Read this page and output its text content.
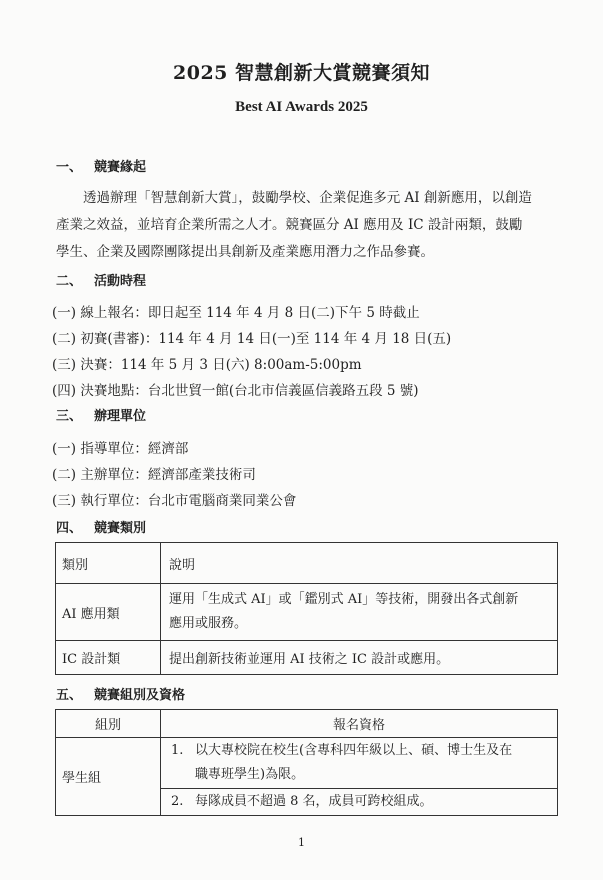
2025 智慧創新大賞競賽須知
Best AI Awards 2025
一、 競賽緣起
透過辦理「智慧創新大賞」，鼓勵學校、企業促進多元 AI 創新應用，以創造
產業之效益，並培育企業所需之人才。競賽區分 AI 應用及 IC 設計兩類，鼓勵
學生、企業及國際團隊提出具創新及產業應用潛力之作品參賽。
二、 活動時程
(一) 線上報名：即日起至 114 年 4 月 8 日(二)下午 5 時截止
(二) 初賽(書審)：114 年 4 月 14 日(一)至 114 年 4 月 18 日(五)
(三) 決賽：114 年 5 月 3 日(六) 8:00am-5:00pm
(四) 決賽地點：台北世貿一館(台北市信義區信義路五段 5 號)
三、 辦理單位
(一) 指導單位：經濟部
(二) 主辦單位：經濟部產業技術司
(三) 執行單位：台北市電腦商業同業公會
四、 競賽類別
類別	說明
AI 應用類	運用「生成式 AI」或「鑑別式 AI」等技術，開發出各式創新
應用或服務。

IC 設計類	提出創新技術並運用 AI 技術之 IC 設計或應用。
五、 競賽組別及資格
組別	報名資格
學生組	1. 以大專校院在校生(含專科四年級以上、碩、博士生及在
職專班學生)為限。

	2. 每隊成員不超過 8 名，成員可跨校組成。
1
